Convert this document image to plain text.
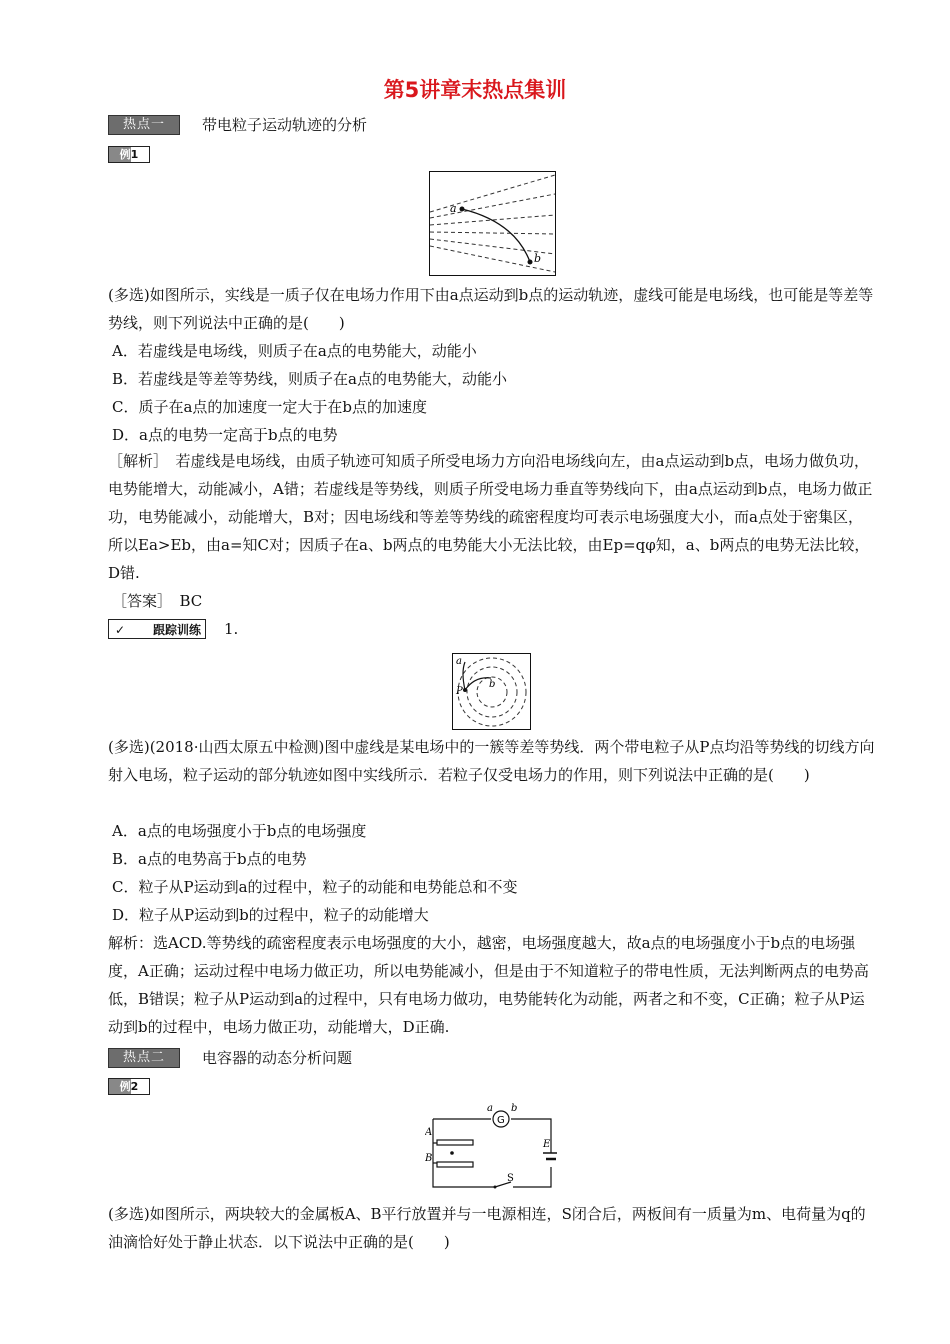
第5讲章末热点集训
热点一	带电粒子运动轨迹的分析
例1
a
b
(多选)如图所示，实线是一质子仅在电场力作用下由a点运动到b点的运动轨迹，虚线可能是电场线，也可能是等差等势线，则下列说法中正确的是(　　)
A．若虚线是电场线，则质子在a点的电势能大，动能小
B．若虚线是等差等势线，则质子在a点的电势能大，动能小
C．质子在a点的加速度一定大于在b点的加速度
D．a点的电势一定高于b点的电势
［解析］　若虚线是电场线，由质子轨迹可知质子所受电场力方向沿电场线向左，由a点运动到b点，电场力做负功，电势能增大，动能减小，A错；若虚线是等势线，则质子所受电场力垂直等势线向下，由a点运动到b点，电场力做正功，电势能减小，动能增大，B对；因电场线和等差等势线的疏密程度均可表示电场强度大小，而a点处于密集区，所以Ea>Eb，由a=知C对；因质子在a、b两点的电势能大小无法比较，由Ep=qφ知，a、b两点的电势无法比较，D错.
［答案］　BC
✓ 跟踪训练	1.
a
b
P
(多选)(2018·山西太原五中检测)图中虚线是某电场中的一簇等差等势线．两个带电粒子从P点均沿等势线的切线方向射入电场，粒子运动的部分轨迹如图中实线所示．若粒子仅受电场力的作用，则下列说法中正确的是(　　)
A．a点的电场强度小于b点的电场强度
B．a点的电势高于b点的电势
C．粒子从P运动到a的过程中，粒子的动能和电势能总和不变
D．粒子从P运动到b的过程中，粒子的动能增大
解析：选ACD.等势线的疏密程度表示电场强度的大小，越密，电场强度越大，故a点的电场强度小于b点的电场强度，A正确；运动过程中电场力做正功，所以电势能减小，但是由于不知道粒子的带电性质，无法判断两点的电势高低，B错误；粒子从P运动到a的过程中，只有电场力做功，电势能转化为动能，两者之和不变，C正确；粒子从P运动到b的过程中，电场力做正功，动能增大，D正确.
热点二	电容器的动态分析问题
例2
G
A
B
a b
E
S
(多选)如图所示，两块较大的金属板A、B平行放置并与一电源相连，S闭合后，两板间有一质量为m、电荷量为q的油滴恰好处于静止状态．以下说法中正确的是(　　)
